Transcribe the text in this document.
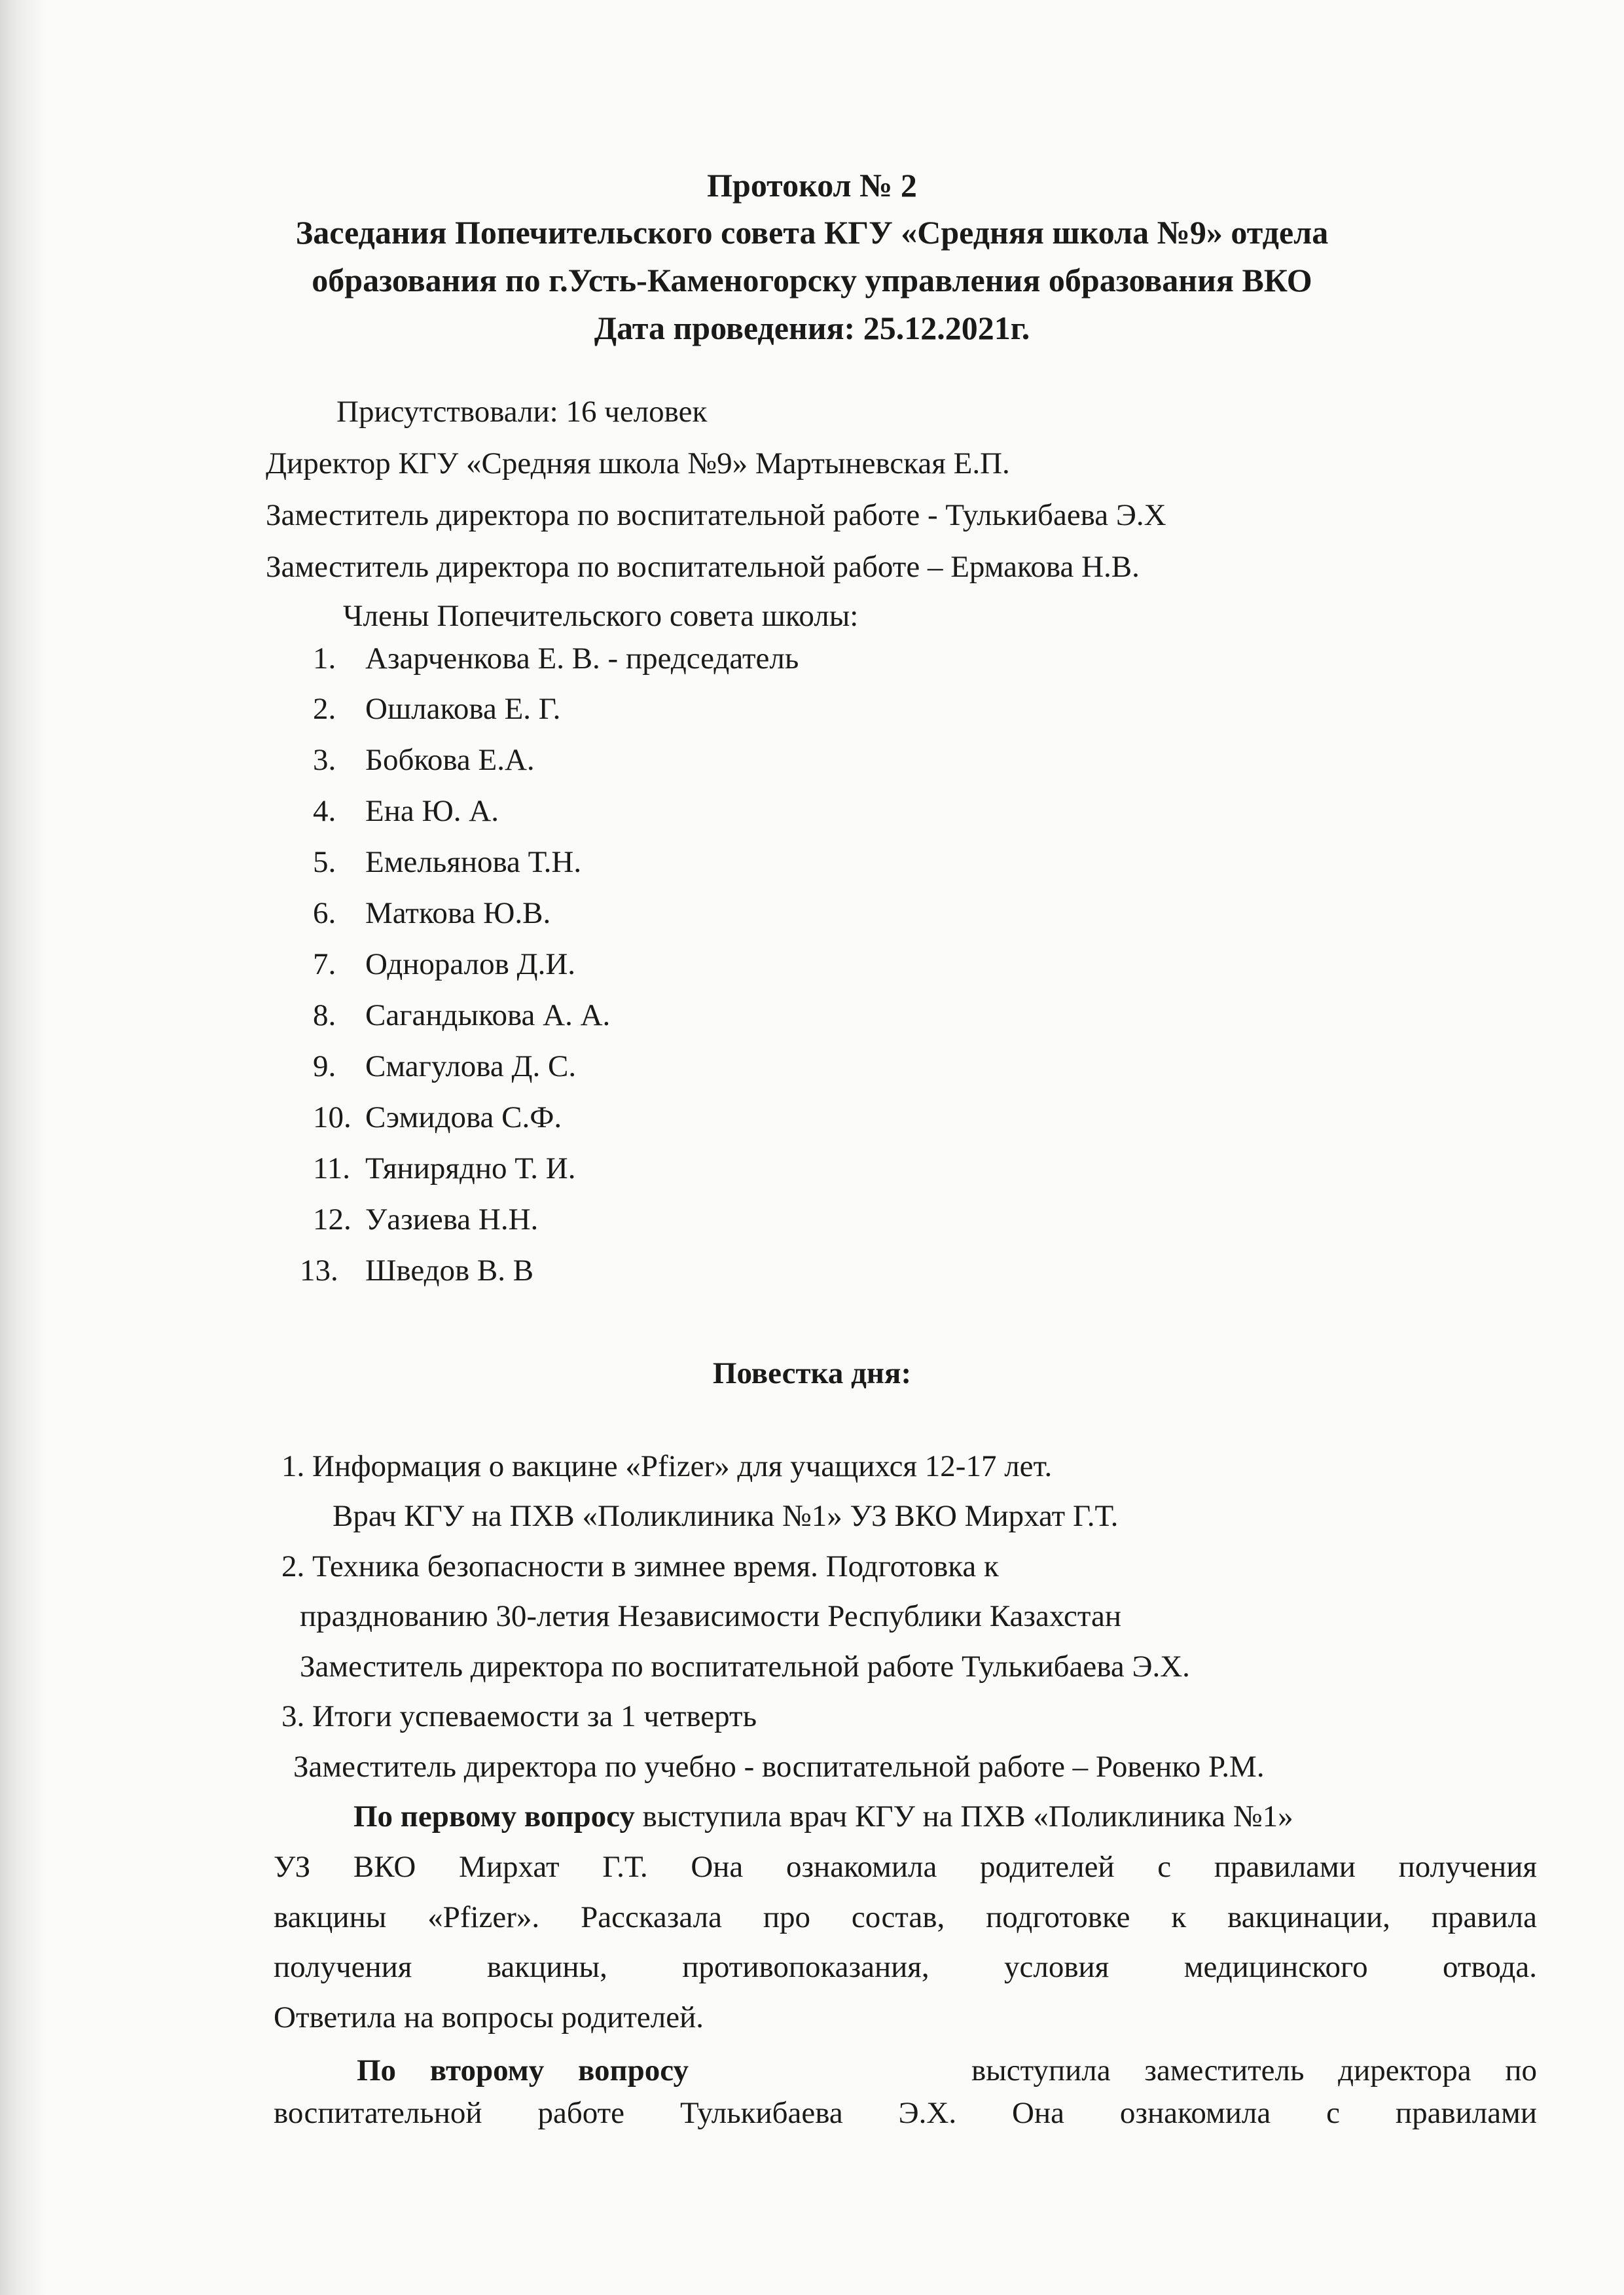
Протокол № 2
Заседания Попечительского совета КГУ «Средняя школа №9» отдела
образования по г.Усть-Каменогорску управления образования ВКО
Дата проведения: 25.12.2021г.
Присутствовали: 16 человек
Директор КГУ «Средняя школа №9» Мартыневская Е.П.
Заместитель директора по воспитательной работе - Тулькибаева Э.Х
Заместитель директора по воспитательной работе – Ермакова Н.В.
Члены Попечительского совета школы:
1. Азарченкова Е. В. - председатель
2. Ошлакова Е. Г.
3. Бобкова Е.А.
4. Ена Ю. А.
5. Емельянова Т.Н.
6. Маткова Ю.В.
7. Одноралов Д.И.
8. Сагандыкова А. А.
9. Смагулова Д. С.
10. Сэмидова С.Ф.
11. Тянирядно Т. И.
12. Уазиева Н.Н.
13. Шведов В. В
Повестка дня:
1. Информация о вакцине «Pfizer» для учащихся 12-17 лет.
Врач КГУ на ПХВ «Поликлиника №1» УЗ ВКО Мирхат Г.Т.
2. Техника безопасности в зимнее время. Подготовка к
празднованию 30-летия Независимости Республики Казахстан
Заместитель директора по воспитательной работе Тулькибаева Э.Х.
3. Итоги успеваемости за 1 четверть
Заместитель директора по учебно - воспитательной работе – Ровенко Р.М.
По первому вопросу выступила врач КГУ на ПХВ «Поликлиника №1»
УЗ ВКО Мирхат Г.Т. Она ознакомила родителей с правилами получения
вакцины «Pfizer». Рассказала про состав, подготовке к вакцинации, правила
получения вакцины, противопоказания, условия медицинского отвода.
Ответила на вопросы родителей.
По второму вопросу	выступила заместитель директора по
воспитательной работе Тулькибаева Э.Х. Она ознакомила с правилами
